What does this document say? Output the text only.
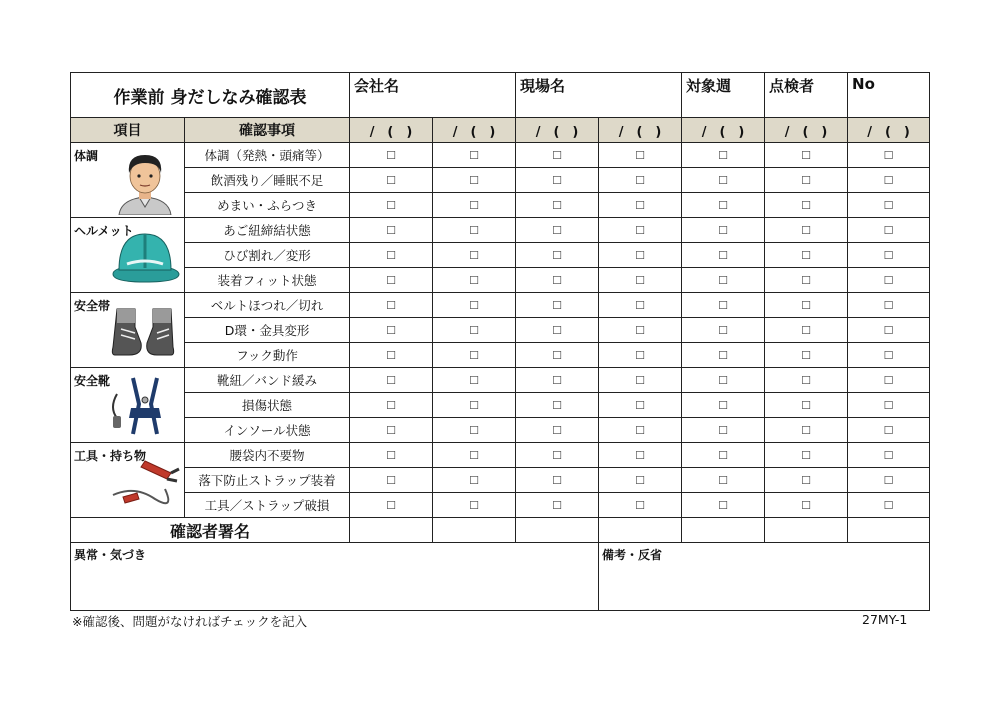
作業前 身だしなみ確認表		会社名		現場名		対象週	点検者	No
項目	確認事項	/　(　)	/　(　)	/　(　)	/　(　)	/　(　)	/　(　)	/　(　)

体調	体調（発熱・頭痛等）	☐	☐	☐	☐	☐	☐	☐
	飲酒残り／睡眠不足	☐	☐	☐	☐	☐	☐	☐
	めまい・ふらつき	☐	☐	☐	☐	☐	☐	☐

ヘルメット	あご紐締結状態	☐	☐	☐	☐	☐	☐	☐
	ひび割れ／変形	☐	☐	☐	☐	☐	☐	☐
	装着フィット状態	☐	☐	☐	☐	☐	☐	☐

安全帯	ベルトほつれ／切れ	☐	☐	☐	☐	☐	☐	☐
	D環・金具変形	☐	☐	☐	☐	☐	☐	☐
	フック動作	☐	☐	☐	☐	☐	☐	☐

安全靴	靴紐／バンド緩み	☐	☐	☐	☐	☐	☐	☐
	損傷状態	☐	☐	☐	☐	☐	☐	☐
	インソール状態	☐	☐	☐	☐	☐	☐	☐

工具・持ち物	腰袋内不要物	☐	☐	☐	☐	☐	☐	☐
	落下防止ストラップ装着	☐	☐	☐	☐	☐	☐	☐
	工具／ストラップ破損	☐	☐	☐	☐	☐	☐	☐
確認者署名								
異常・気づき					備考・反省			
※確認後、問題がなければチェックを記入	27MY-1
